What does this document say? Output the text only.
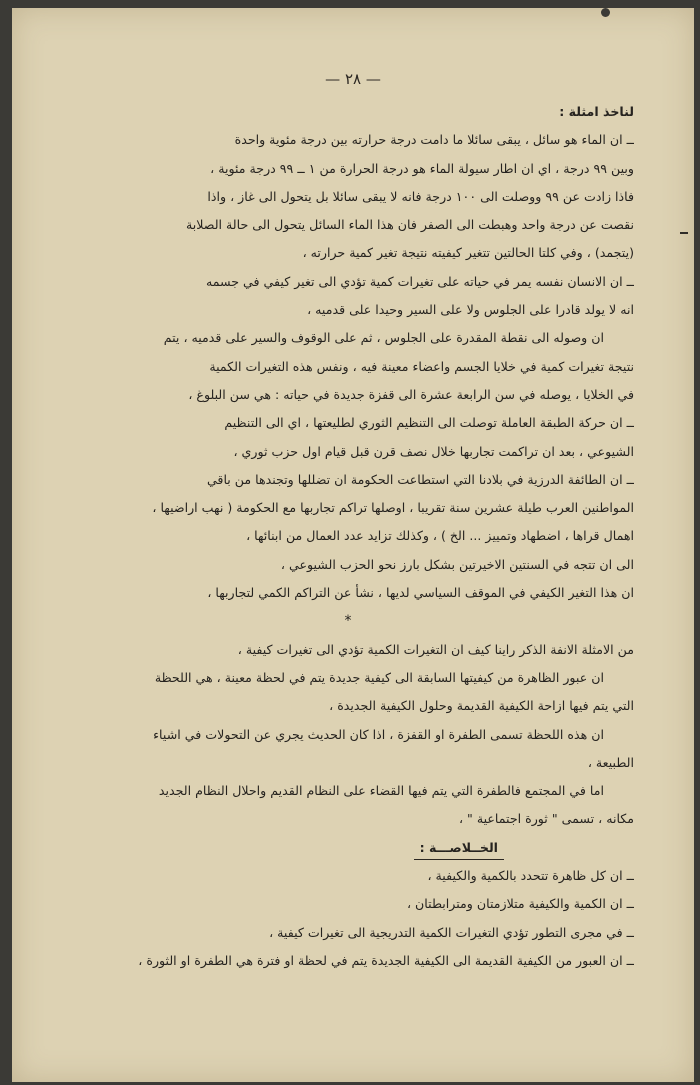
— ٢٨ —
لناخذ امثلة :
ــ ان الماء هو سائل ، يبقى سائلا ما دامت درجة حرارته بين درجة مئوية واحدة
وبين ٩٩ درجة ، اي ان اطار سيولة الماء هو درجة الحرارة من ١ ــ ٩٩ درجة مئوية ،
فاذا زادت عن ٩٩ ووصلت الى ١٠٠ درجة فانه لا يبقى سائلا بل يتحول الى غاز ، واذا
نقصت عن درجة واحد وهبطت الى الصفر فان هذا الماء السائل يتحول الى حالة الصلابة
(يتجمد) ، وفي كلتا الحالتين تتغير كيفيته نتيجة تغير كمية حرارته ،
ــ ان الانسان نفسه يمر في حياته على تغيرات كمية تؤدي الى تغير كيفي في جسمه
انه لا يولد قادرا على الجلوس ولا على السير وحيدا على قدميه ،
ان وصوله الى نقطة المقدرة على الجلوس ، ثم على الوقوف والسير على قدميه ، يتم
نتيجة تغيرات كمية في خلايا الجسم واعضاء معينة فيه ، ونفس هذه التغيرات الكمية
في الخلايا ، يوصله في سن الرابعة عشرة الى قفزة جديدة في حياته : هي سن البلوغ ،
ــ ان حركة الطبقة العاملة توصلت الى التنظيم الثوري لطليعتها ، اي الى التنظيم
الشيوعي ، بعد ان تراكمت تجاربها خلال نصف قرن قبل قيام اول حزب ثوري ،
ــ ان الطائفة الدرزية في بلادنا التي استطاعت الحكومة ان تضللها وتجندها من باقي
المواطنين العرب طيلة عشرين سنة تقريبا ، اوصلها تراكم تجاربها مع الحكومة ( نهب اراضيها ،
اهمال قراها ، اضطهاد وتمييز ... الخ ) ، وكذلك تزايد عدد العمال من ابنائها ،
الى ان تتجه في السنتين الاخيرتين بشكل بارز نحو الحزب الشيوعي ،
ان هذا التغير الكيفي في الموقف السياسي لديها ، نشأ عن التراكم الكمي لتجاربها ،
*
من الامثلة الانفة الذكر راينا كيف ان التغيرات الكمية تؤدي الى تغيرات كيفية ،
ان عبور الظاهرة من كيفيتها السابقة الى كيفية جديدة يتم في لحظة معينة ، هي اللحظة
التي يتم فيها ازاحة الكيفية القديمة وحلول الكيفية الجديدة ،
ان هذه اللحظة تسمى الطفرة او القفزة ، اذا كان الحديث يجري عن التحولات في اشياء
الطبيعة ،
اما في المجتمع فالطفرة التي يتم فيها القضاء على النظام القديم واحلال النظام الجديد
مكانه ، تسمى " ثورة اجتماعية " ،
الخــلاصـــة :
ــ ان كل ظاهرة تتحدد بالكمية والكيفية ،
ــ ان الكمية والكيفية متلازمتان ومترابطتان ،
ــ في مجرى التطور تؤدي التغيرات الكمية التدريجية الى تغيرات كيفية ،
ــ ان العبور من الكيفية القديمة الى الكيفية الجديدة يتم في لحظة او فترة هي الطفرة او الثورة ،
